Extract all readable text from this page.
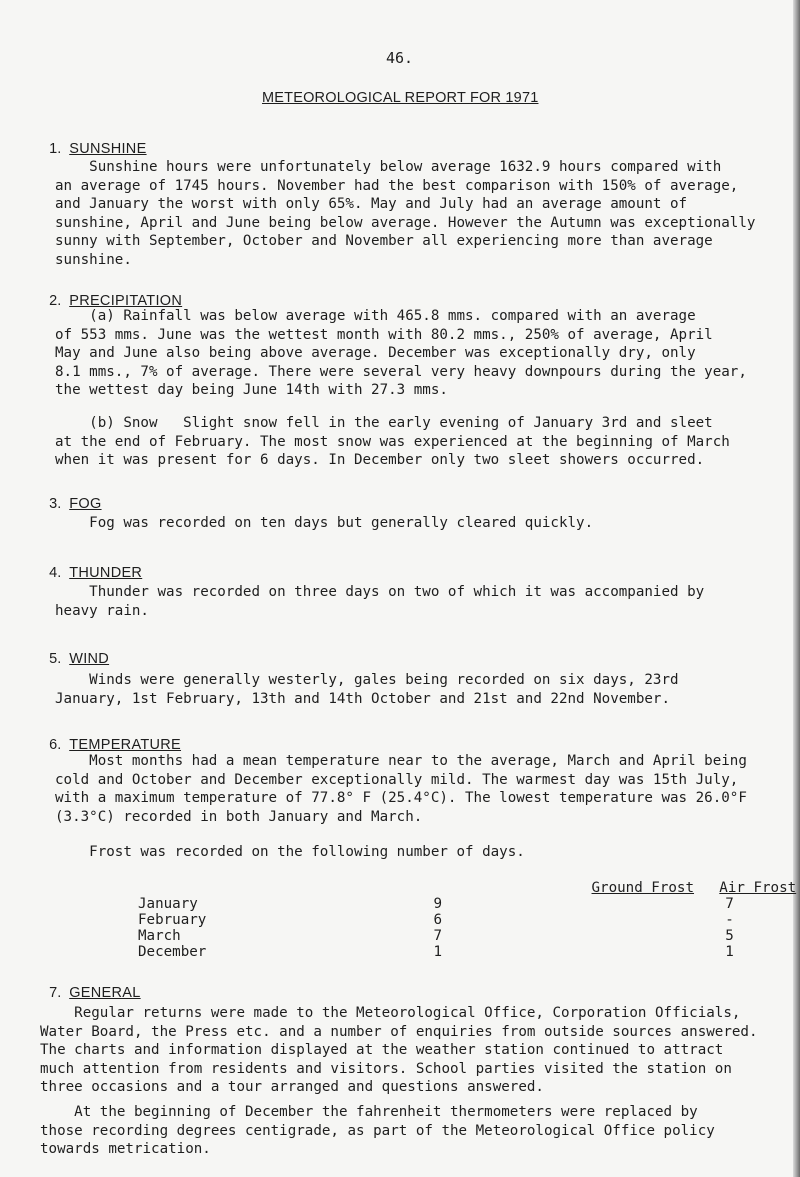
46.
METEOROLOGICAL REPORT FOR 1971

1. SUNSHINE

Sunshine hours were unfortunately below average 1632.9 hours compared with
an average of 1745 hours. November had the best comparison with 150% of average,
and January the worst with only 65%. May and July had an average amount of
sunshine, April and June being below average. However the Autumn was exceptionally
sunny with September, October and November all experiencing more than average
sunshine.

2. PRECIPITATION

(a) Rainfall was below average with 465.8 mms. compared with an average
of 553 mms. June was the wettest month with 80.2 mms., 250% of average, April
May and June also being above average. December was exceptionally dry, only
8.1 mms., 7% of average. There were several very heavy downpours during the year,
the wettest day being June 14th with 27.3 mms.
(b) Snow   Slight snow fell in the early evening of January 3rd and sleet
at the end of February. The most snow was experienced at the beginning of March
when it was present for 6 days. In December only two sleet showers occurred.

3. FOG

Fog was recorded on ten days but generally cleared quickly.

4. THUNDER

Thunder was recorded on three days on two of which it was accompanied by
heavy rain.

5. WIND

Winds were generally westerly, gales being recorded on six days, 23rd
January, 1st February, 13th and 14th October and 21st and 22nd November.

6. TEMPERATURE

Most months had a mean temperature near to the average, March and April being
cold and October and December exceptionally mild. The warmest day was 15th July,
with a maximum temperature of 77.8° F (25.4°C). The lowest temperature was 26.0°F
(3.3°C) recorded in both January and March.
Frost was recorded on the following number of days.
	Ground Frost	Air Frost
January	9	7
February	6	-
March	7	5
December	1	1

7. GENERAL

Regular returns were made to the Meteorological Office, Corporation Officials,
Water Board, the Press etc. and a number of enquiries from outside sources answered.
The charts and information displayed at the weather station continued to attract
much attention from residents and visitors. School parties visited the station on
three occasions and a tour arranged and questions answered.
At the beginning of December the fahrenheit thermometers were replaced by
those recording degrees centigrade, as part of the Meteorological Office policy
towards metrication.
